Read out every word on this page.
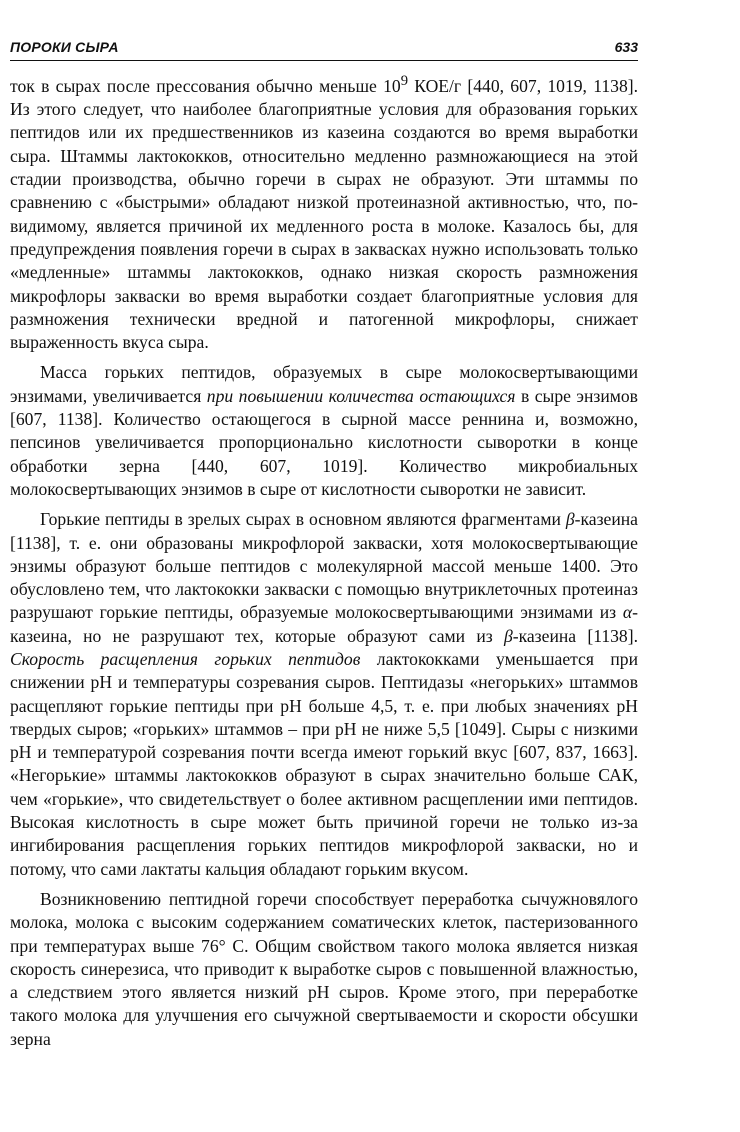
ПОРОКИ СЫРА	633

ток в сырах после прессования обычно меньше $10^9$ КОЕ/г [440, 607, 1019, 1138]. Из этого следует, что наиболее благоприятные условия для образования горьких пептидов или их предшественников из казеина создаются во время выработки сыра. Штаммы лактококков, относительно медленно размножающиеся на этой стадии производства, обычно горечи в сырах не образуют. Эти штаммы по сравнению с «быстрыми» обладают низкой протеиназной активностью, что, по-видимому, является причиной их медленного роста в молоке. Казалось бы, для предупреждения появления горечи в сырах в заквасках нужно использовать только «медленные» штаммы лактококков, однако низкая скорость размножения микрофлоры закваски во время выработки создает благоприятные условия для размножения технически вредной и патогенной микрофлоры, снижает выраженность вкуса сыра.

Масса горьких пептидов, образуемых в сыре молокосвертывающими энзимами, увеличивается при повышении количества остающихся в сыре энзимов [607, 1138]. Количество остающегося в сырной массе реннина и, возможно, пепсинов увеличивается пропорционально кислотности сыворотки в конце обработки зерна [440, 607, 1019]. Количество микробиальных молокосвертывающих энзимов в сыре от кислотности сыворотки не зависит.

Горькие пептиды в зрелых сырах в основном являются фрагментами β-казеина [1138], т. е. они образованы микрофлорой закваски, хотя молокосвертывающие энзимы образуют больше пептидов с молекулярной массой меньше 1400. Это обусловлено тем, что лактококки закваски с помощью внутриклеточных протеиназ разрушают горькие пептиды, образуемые молокосвертывающими энзимами из α-казеина, но не разрушают тех, которые образуют сами из β-казеина [1138]. Скорость расщепления горьких пептидов лактококками уменьшается при снижении pH и температуры созревания сыров. Пептидазы «негорьких» штаммов расщепляют горькие пептиды при pH больше 4,5, т. е. при любых значениях pH твердых сыров; «горьких» штаммов – при pH не ниже 5,5 [1049]. Сыры с низкими pH и температурой созревания почти всегда имеют горький вкус [607, 837, 1663]. «Негорькие» штаммы лактококков образуют в сырах значительно больше САК, чем «горькие», что свидетельствует о более активном расщеплении ими пептидов. Высокая кислотность в сыре может быть причиной горечи не только из-за ингибирования расщепления горьких пептидов микрофлорой закваски, но и потому, что сами лактаты кальция обладают горьким вкусом.

Возникновению пептидной горечи способствует переработка сычужновялого молока, молока с высоким содержанием соматических клеток, пастеризованного при температурах выше 76° С. Общим свойством такого молока является низкая скорость синерезиса, что приводит к выработке сыров с повышенной влажностью, а следствием этого является низкий pH сыров. Кроме этого, при переработке такого молока для улучшения его сычужной свертываемости и скорости обсушки зерна
